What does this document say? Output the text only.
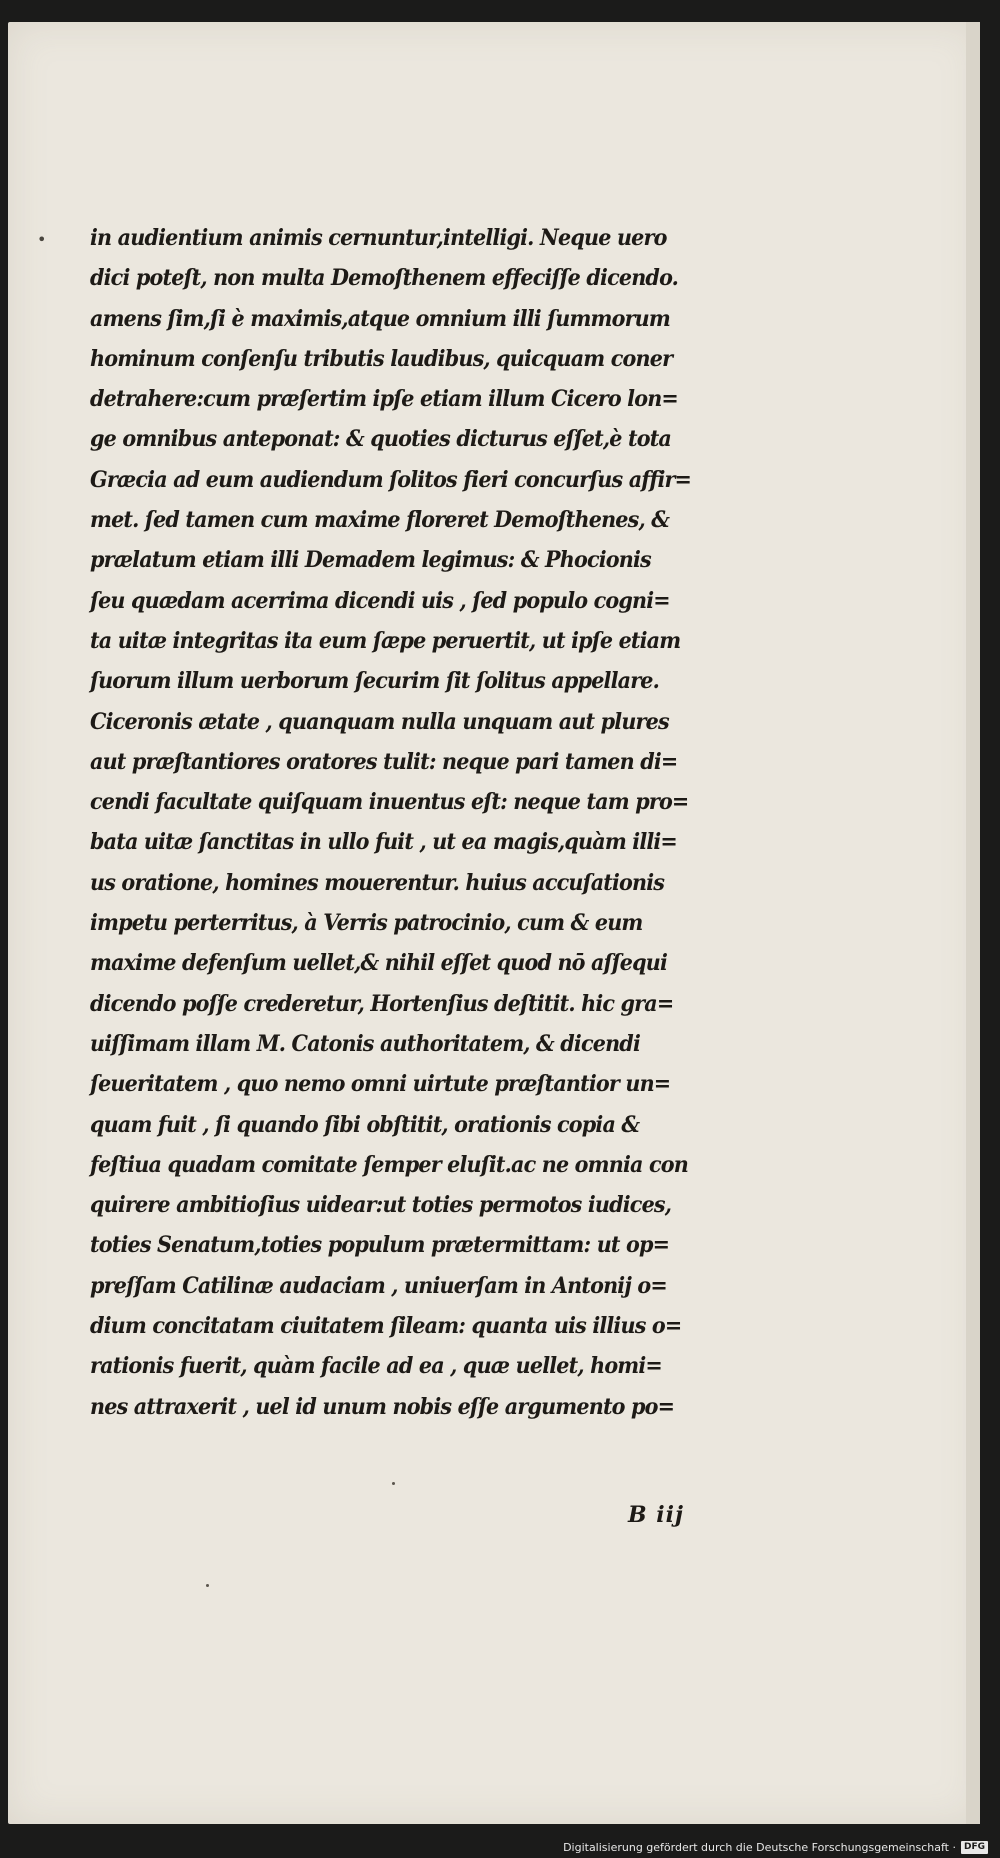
• in audientium animis cernuntur,intelligi. Neque uero
dici poteſt, non multa Demoſthenem effeciſſe dicendo.
amens ſim,ſi è maximis,atque omnium illi ſummorum
hominum conſenſu tributis laudibus, quicquam coner
detrahere:cum præſertim ipſe etiam illum Cicero lon=
ge omnibus anteponat: & quoties dicturus eſſet,è tota
Græcia ad eum audiendum ſolitos fieri concurſus affir=
met. ſed tamen cum maxime floreret Demoſthenes, &
prælatum etiam illi Demadem legimus: & Phocionis
ſeu quædam acerrima dicendi uis , ſed populo cogni=
ta uitæ integritas ita eum ſæpe peruertit, ut ipſe etiam
ſuorum illum uerborum ſecurim ſit ſolitus appellare.
Ciceronis ætate , quanquam nulla unquam aut plures
aut præſtantiores oratores tulit: neque pari tamen di=
cendi facultate quiſquam inuentus eſt: neque tam pro=
bata uitæ ſanctitas in ullo fuit , ut ea magis,quàm illi=
us oratione, homines mouerentur. huius accuſationis
impetu perterritus, à Verris patrocinio, cum & eum
maxime defenſum uellet,& nihil eſſet quod nō aſſequi
dicendo poſſe crederetur, Hortenſius deſtitit. hic gra=
uiſſimam illam M. Catonis authoritatem, & dicendi
ſeueritatem , quo nemo omni uirtute præſtantior un=
quam fuit , ſi quando ſibi obſtitit, orationis copia &
feſtiua quadam comitate ſemper eluſit.ac ne omnia con
quirere ambitioſius uidear:ut toties permotos iudices,
toties Senatum,toties populum prætermittam: ut op=
preſſam Catilinæ audaciam , uniuerſam in Antonij o=
dium concitatam ciuitatem ſileam: quanta uis illius o=
rationis fuerit, quàm facile ad ea , quæ uellet, homi=
nes attraxerit , uel id unum nobis eſſe argumento po=
B iij
Digitalisierung gefördert durch die Deutsche Forschungsgemeinschaft · DFG
